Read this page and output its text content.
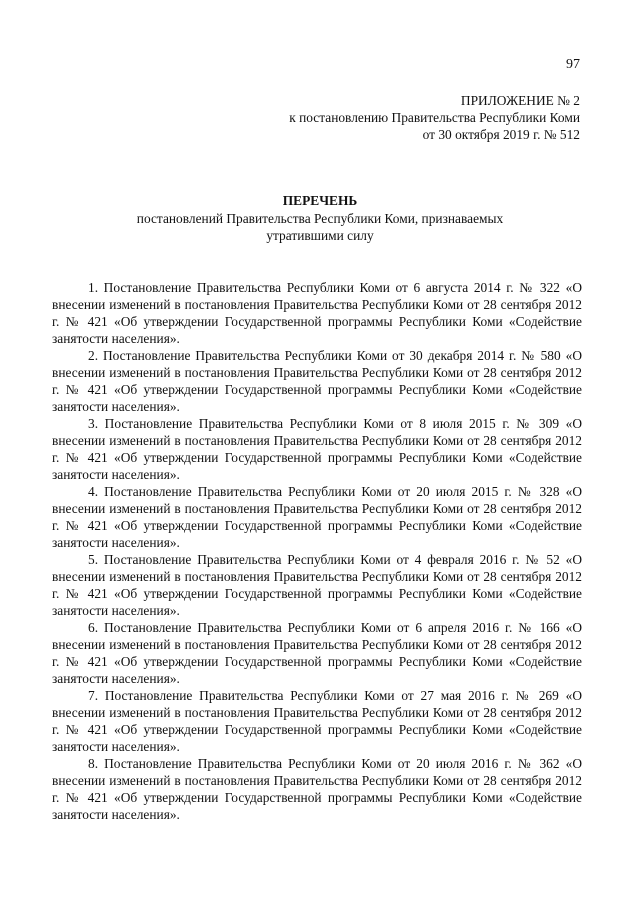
97
ПРИЛОЖЕНИЕ № 2
к постановлению Правительства Республики Коми
от 30 октября 2019 г. № 512
ПЕРЕЧЕНЬ
постановлений Правительства Республики Коми, признаваемых утратившими силу

1. Постановление Правительства Республики Коми от 6 августа 2014 г. № 322 «О внесении изменений в постановления Правительства Республики Коми от 28 сентября 2012 г. № 421 «Об утверждении Государственной программы Республики Коми «Содействие занятости населения».

2. Постановление Правительства Республики Коми от 30 декабря 2014 г. № 580 «О внесении изменений в постановления Правительства Республики Коми от 28 сентября 2012 г. № 421 «Об утверждении Государственной программы Республики Коми «Содействие занятости населения».

3. Постановление Правительства Республики Коми от 8 июля 2015 г. № 309 «О внесении изменений в постановления Правительства Республики Коми от 28 сентября 2012 г. № 421 «Об утверждении Государственной программы Республики Коми «Содействие занятости населения».

4. Постановление Правительства Республики Коми от 20 июля 2015 г. № 328 «О внесении изменений в постановления Правительства Республики Коми от 28 сентября 2012 г. № 421 «Об утверждении Государственной программы Республики Коми «Содействие занятости населения».

5. Постановление Правительства Республики Коми от 4 февраля 2016 г. № 52 «О внесении изменений в постановления Правительства Республики Коми от 28 сентября 2012 г. № 421 «Об утверждении Государственной программы Республики Коми «Содействие занятости населения».

6. Постановление Правительства Республики Коми от 6 апреля 2016 г. № 166 «О внесении изменений в постановления Правительства Республики Коми от 28 сентября 2012 г. № 421 «Об утверждении Государственной программы Республики Коми «Содействие занятости населения».

7. Постановление Правительства Республики Коми от 27 мая 2016 г. № 269 «О внесении изменений в постановления Правительства Республики Коми от 28 сентября 2012 г. № 421 «Об утверждении Государственной программы Республики Коми «Содействие занятости населения».

8. Постановление Правительства Республики Коми от 20 июля 2016 г. № 362 «О внесении изменений в постановления Правительства Республики Коми от 28 сентября 2012 г. № 421 «Об утверждении Государственной программы Республики Коми «Содействие занятости населения».
